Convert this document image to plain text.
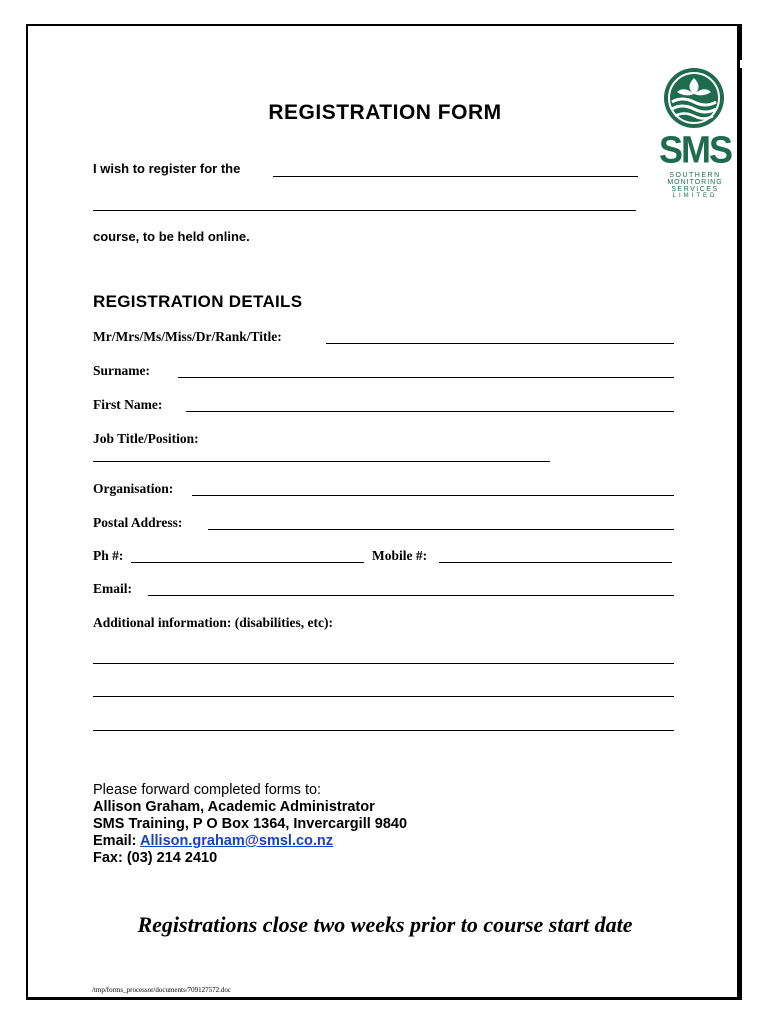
SMS
SOUTHERN
MONITORING
SERVICES
LIMITED
REGISTRATION FORM
I wish to register for the
course, to be held online.
REGISTRATION DETAILS
Mr/Mrs/Ms/Miss/Dr/Rank/Title:
Surname:
First Name:
Job Title/Position:
Organisation:
Postal Address:
Ph #:	Mobile #:
Email:
Additional information: (disabilities, etc):
Please forward completed forms to:
Allison Graham, Academic Administrator
SMS Training, P O Box 1364, Invercargill 9840
Email: Allison.graham@smsl.co.nz
Fax: (03) 214 2410
Registrations close two weeks prior to course start date
/tmp/forms_processor/documents/709127572.doc
